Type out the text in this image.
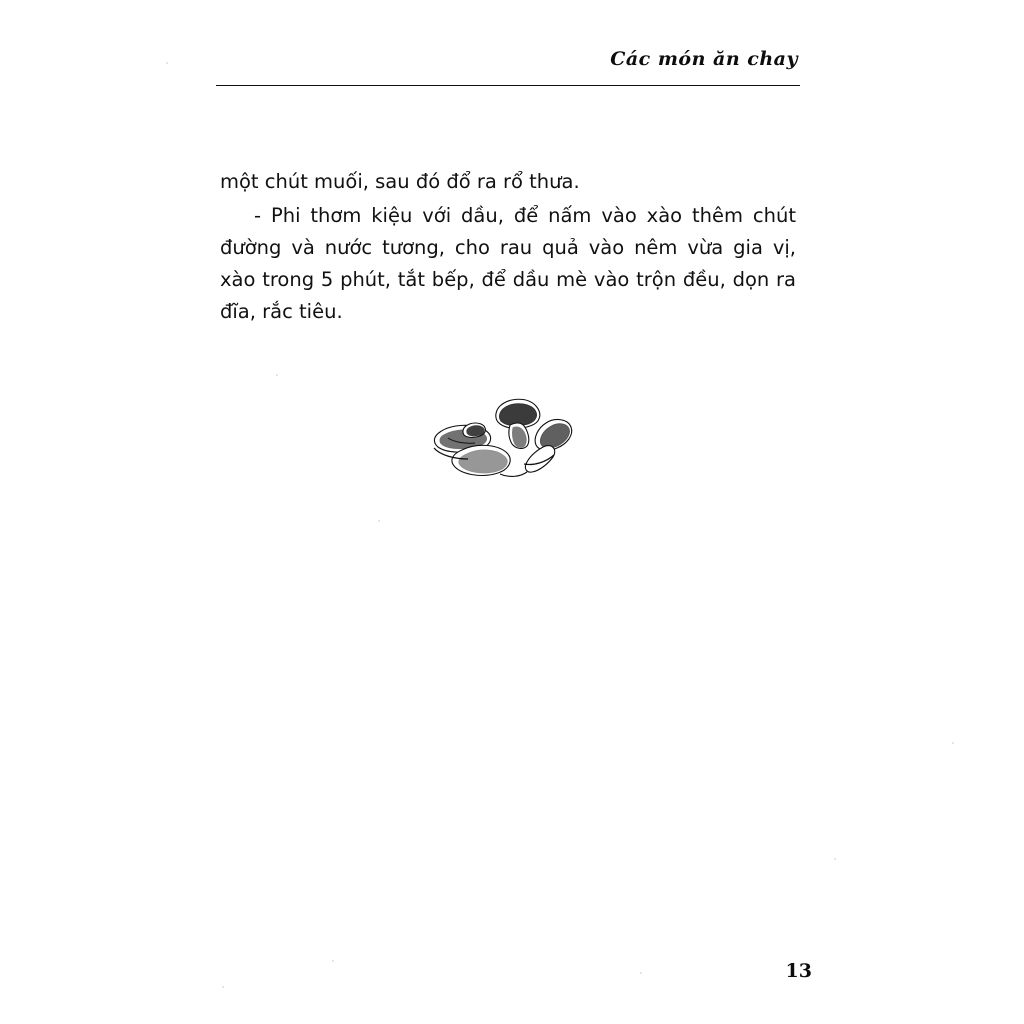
Các món ăn chay

một chút muối, sau đó đổ ra rổ thưa.

- Phi thơm kiệu với dầu, để nấm vào xào thêm chút đường và nước tương, cho rau quả vào nêm vừa gia vị, xào trong 5 phút, tắt bếp, để dầu mè vào trộn đều, dọn ra đĩa, rắc tiêu.

13
